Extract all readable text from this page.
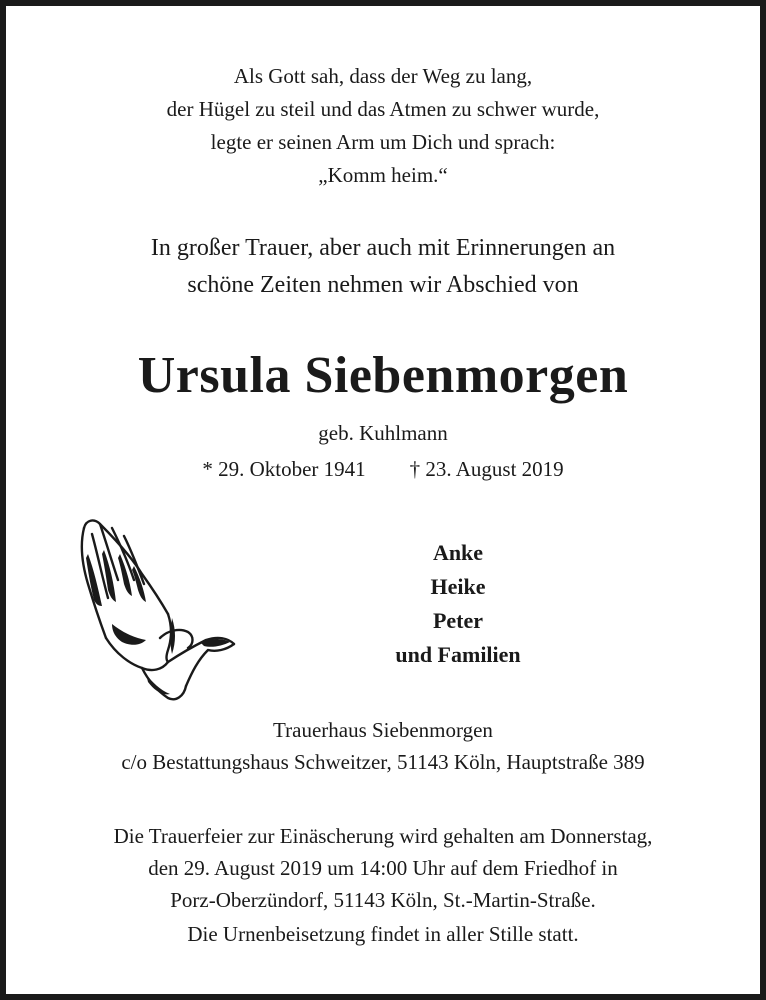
Als Gott sah, dass der Weg zu lang,
der Hügel zu steil und das Atmen zu schwer wurde,
legte er seinen Arm um Dich und sprach:
„Komm heim.“
In großer Trauer, aber auch mit Erinnerungen an
schöne Zeiten nehmen wir Abschied von
Ursula Siebenmorgen
geb. Kuhlmann
* 29. Oktober 1941 † 23. August 2019
Anke
Heike
Peter
und Familien
Trauerhaus Siebenmorgen
c/o Bestattungshaus Schweitzer, 51143 Köln, Hauptstraße 389
Die Trauerfeier zur Einäscherung wird gehalten am Donnerstag,
den 29. August 2019 um 14:00 Uhr auf dem Friedhof in
Porz-Oberzündorf, 51143 Köln, St.-Martin-Straße.
Die Urnenbeisetzung findet in aller Stille statt.
